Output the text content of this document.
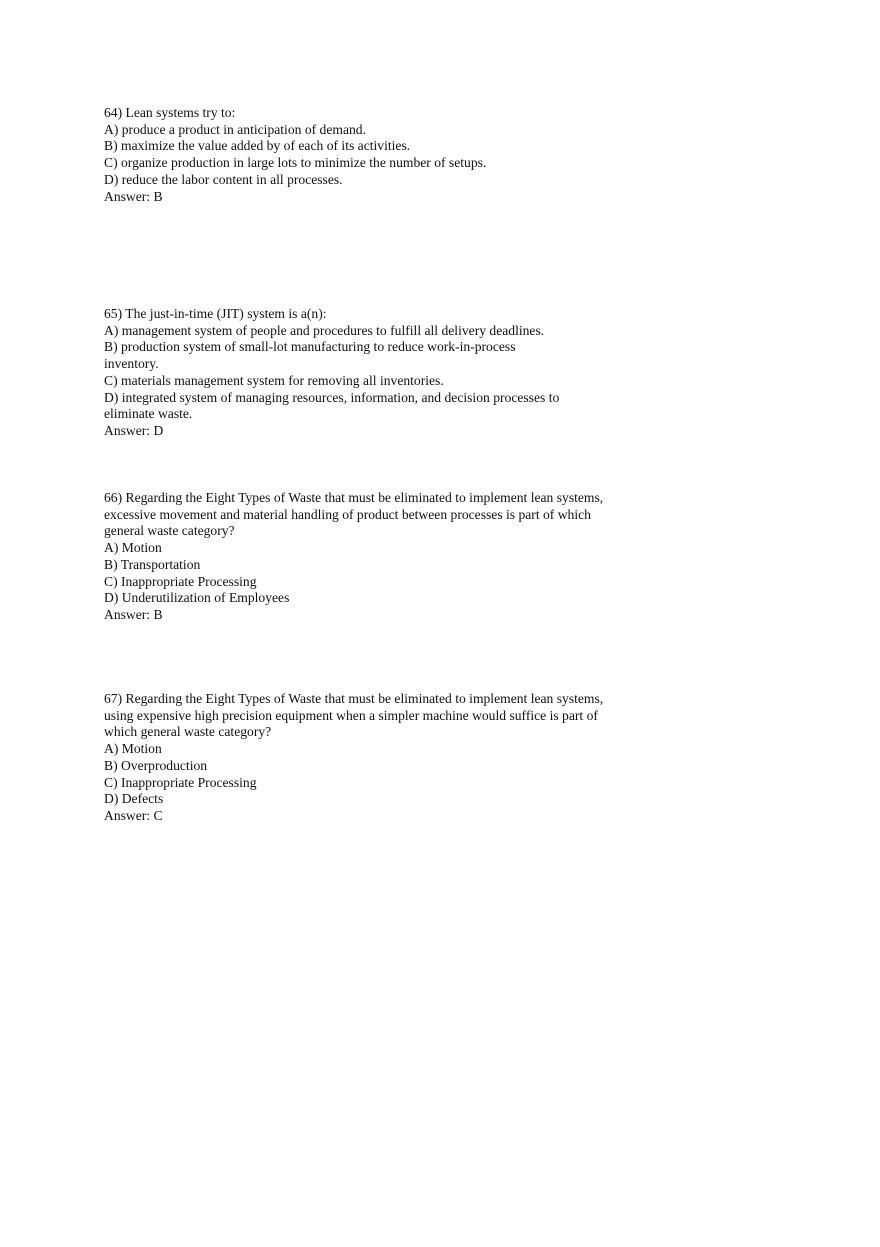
64) Lean systems try to:

A) produce a product in anticipation of demand.

B) maximize the value added by of each of its activities.

C) organize production in large lots to minimize the number of setups.

D) reduce the labor content in all processes.

Answer: B

65) The just-in-time (JIT) system is a(n):

A) management system of people and procedures to fulfill all delivery deadlines.

B) production system of small-lot manufacturing to reduce work-in-process inventory.

C) materials management system for removing all inventories.

D) integrated system of managing resources, information, and decision processes to eliminate waste.

Answer: D

66) Regarding the Eight Types of Waste that must be eliminated to implement lean systems, excessive movement and material handling of product between processes is part of which general waste category?

A) Motion

B) Transportation

C) Inappropriate Processing

D) Underutilization of Employees

Answer: B

67) Regarding the Eight Types of Waste that must be eliminated to implement lean systems, using expensive high precision equipment when a simpler machine would suffice is part of which general waste category?

A) Motion

B) Overproduction

C) Inappropriate Processing

D) Defects

Answer: C
